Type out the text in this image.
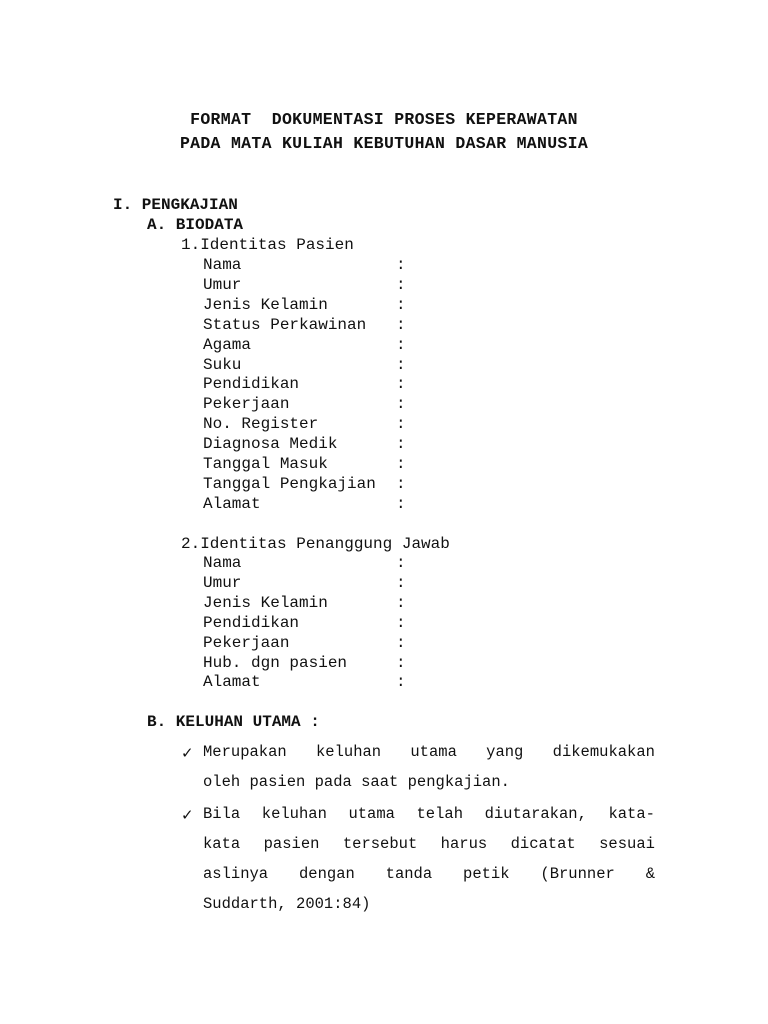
FORMAT  DOKUMENTASI PROSES KEPERAWATAN
PADA MATA KULIAH KEBUTUHAN DASAR MANUSIA
I. PENGKAJIAN
A. BIODATA
1.Identitas Pasien
Nama	:
Umur	:
Jenis Kelamin	:
Status Perkawinan :
Agama	:
Suku	:
Pendidikan	:
Pekerjaan	:
No. Register	:
Diagnosa Medik	:
Tanggal Masuk	:
Tanggal Pengkajian :
Alamat	:
2.Identitas Penanggung Jawab
Nama	:
Umur	:
Jenis Kelamin	:
Pendidikan	:
Pekerjaan	:
Hub. dgn pasien	:
Alamat	:
B. KELUHAN UTAMA :
✓ Merupakan keluhan utama yang dikemukakan
oleh pasien pada saat pengkajian.
✓ Bila keluhan utama telah diutarakan, kata-
kata pasien tersebut harus dicatat sesuai
aslinya dengan tanda petik (Brunner &
Suddarth, 2001:84)
